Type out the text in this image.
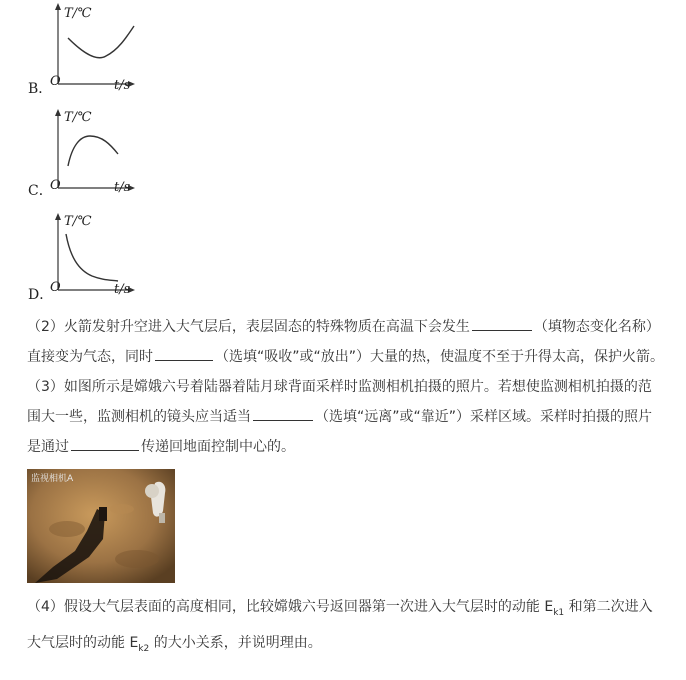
T/℃
O	t/s
B．
T/℃
O	t/s
C．
T/℃
O	t/s
D．
（2）火箭发射升空进入大气层后，表层固态的特殊物质在高温下会发生	（填物态变化名称）
直接变为气态，同时	（选填“吸收”或“放出”）大量的热，使温度不至于升得太高，保护火箭。
（3）如图所示是嫦娥六号着陆器着陆月球背面采样时监测相机拍摄的照片。若想使监测相机拍摄的范
围大一些，监测相机的镜头应当适当	（选填“远离”或“靠近”）采样区域。采样时拍摄的照片
是通过	传递回地面控制中心的。
监视相机A
（4）假设大气层表面的高度相同，比较嫦娥六号返回器第一次进入大气层时的动能 $E_{k1}$ 和第二次进入
大气层时的动能 $E_{k2}$ 的大小关系，并说明理由。
